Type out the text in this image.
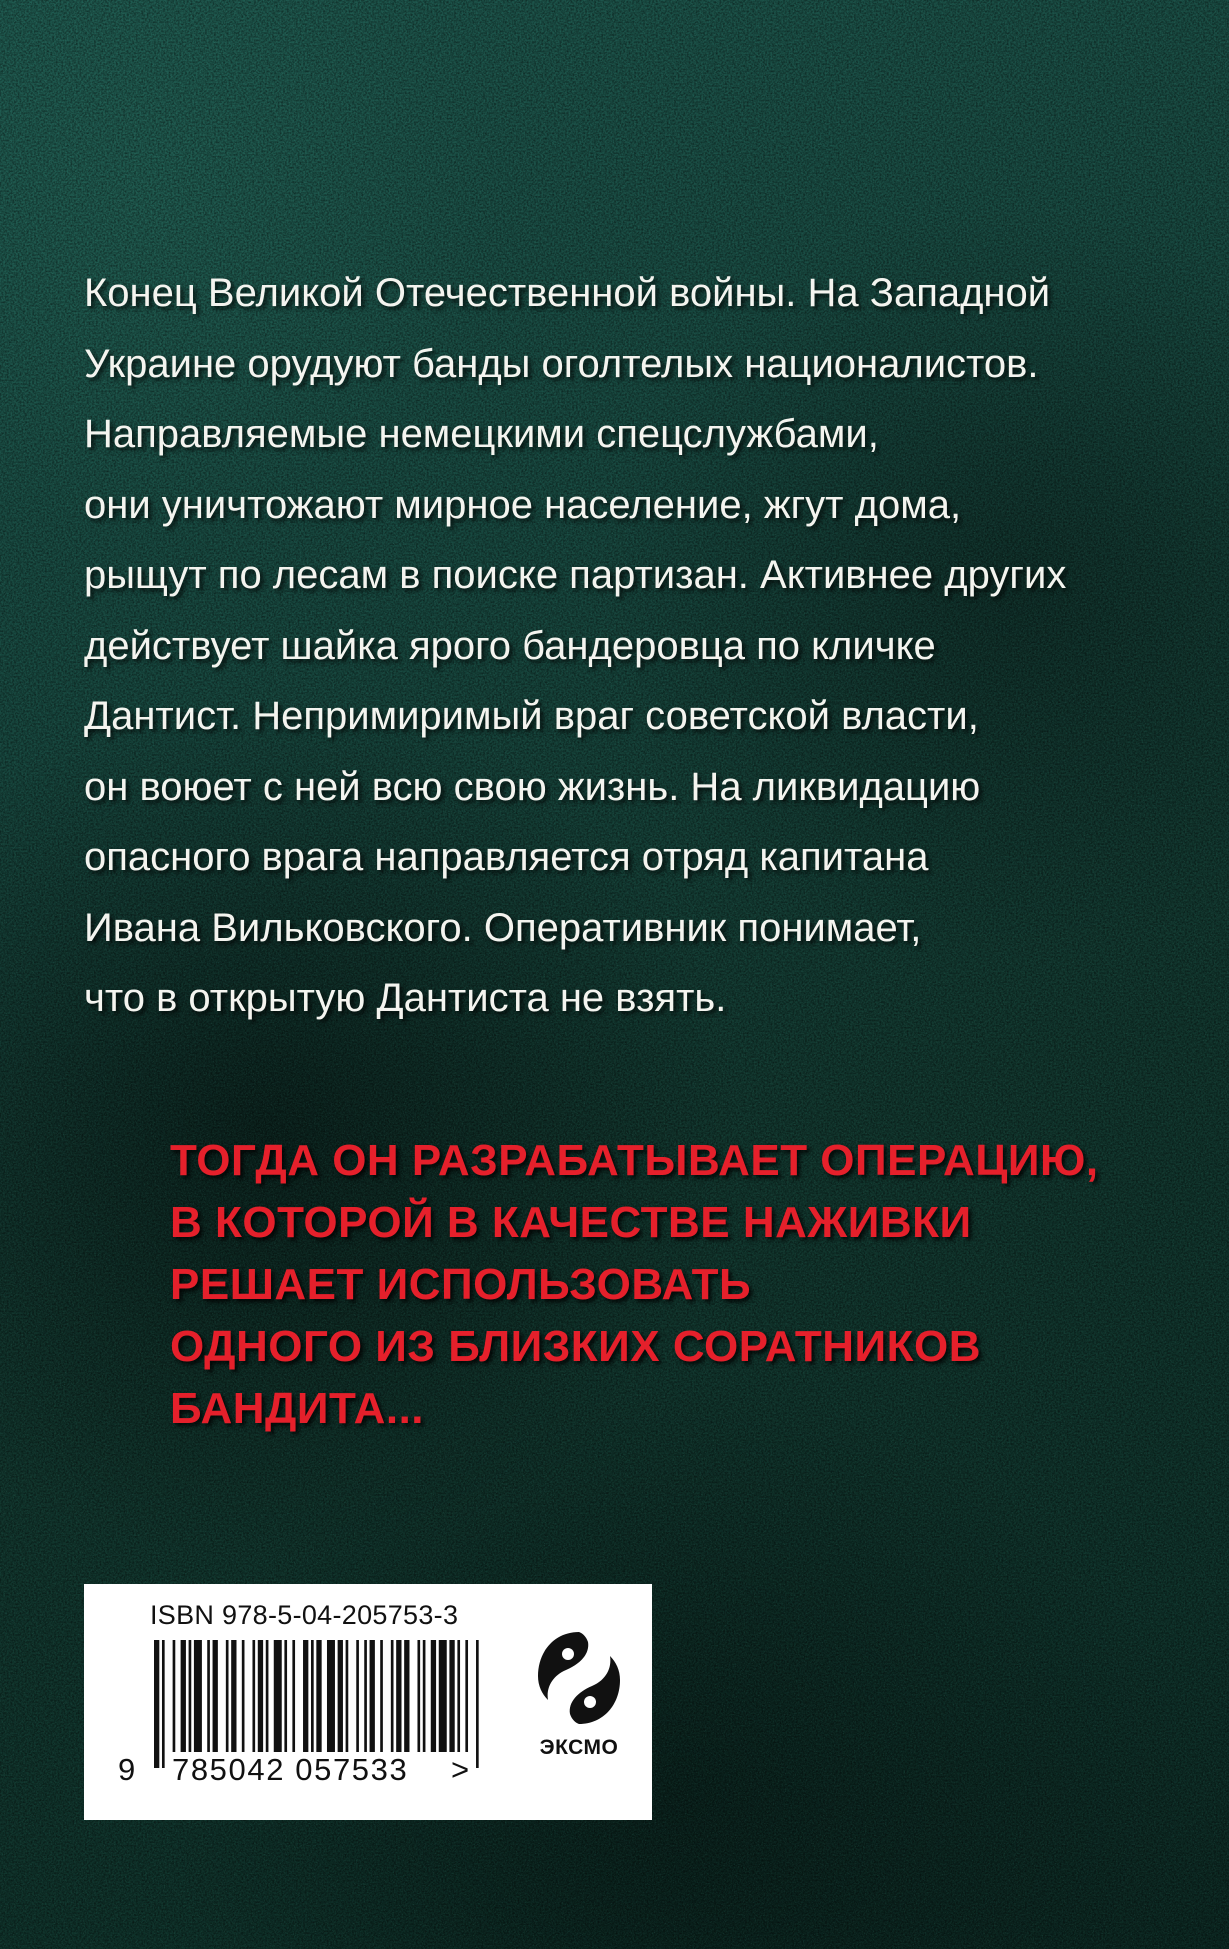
Конец Великой Отечественной войны. На Западной
Украине орудуют банды оголтелых националистов.
Направляемые немецкими спецслужбами,
они уничтожают мирное население, жгут дома,
рыщут по лесам в поиске партизан. Активнее других
действует шайка ярого бандеровца по кличке
Дантист. Непримиримый враг советской власти,
он воюет с ней всю свою жизнь. На ликвидацию
опасного врага направляется отряд капитана
Ивана Вильковского. Оперативник понимает,
что в открытую Дантиста не взять.
ТОГДА ОН РАЗРАБАТЫВАЕТ ОПЕРАЦИЮ,
В КОТОРОЙ В КАЧЕСТВЕ НАЖИВКИ
РЕШАЕТ ИСПОЛЬЗОВАТЬ
ОДНОГО ИЗ БЛИЗКИХ СОРАТНИКОВ
БАНДИТА...
ISBN 978-5-04-205753-3
9 785042 057533	>
ЭКСМО
